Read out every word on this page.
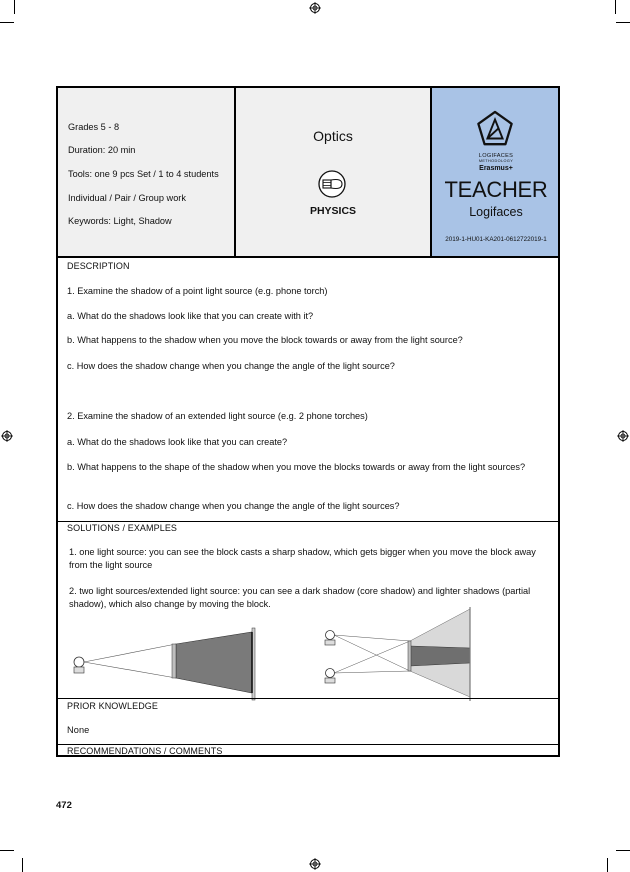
Grades 5 - 8
Duration: 20 min
Tools: one 9 pcs Set / 1 to 4 students
Individual / Pair / Group work
Keywords: Light, Shadow
Optics
PHYSICS
LOGIFACES
METHODOLOGY
Erasmus+
TEACHER
Logifaces
2019-1-HU01-KA201-0612722019-1
DESCRIPTION
1. Examine the shadow of a point light source (e.g. phone torch)
a. What do the shadows look like that you can create with it?
b. What happens to the shadow when you move the block towards or away from the light source?
c. How does the shadow change when you change the angle of the light source?
2. Examine the shadow of an extended light source (e.g. 2 phone torches)
a. What do the shadows look like that you can create?
b. What happens to the shape of the shadow when you move the blocks towards or away from the light sources?
c. How does the shadow change when you change the angle of the light sources?
SOLUTIONS / EXAMPLES
1. one light source: you can see the block casts a sharp shadow, which gets bigger when you move the block away from the light source
2. two light sources/extended light source: you can see a dark shadow (core shadow) and lighter shadows (partial shadow), which also change by moving the block.
PRIOR KNOWLEDGE
None
RECOMMENDATIONS / COMMENTS
472
